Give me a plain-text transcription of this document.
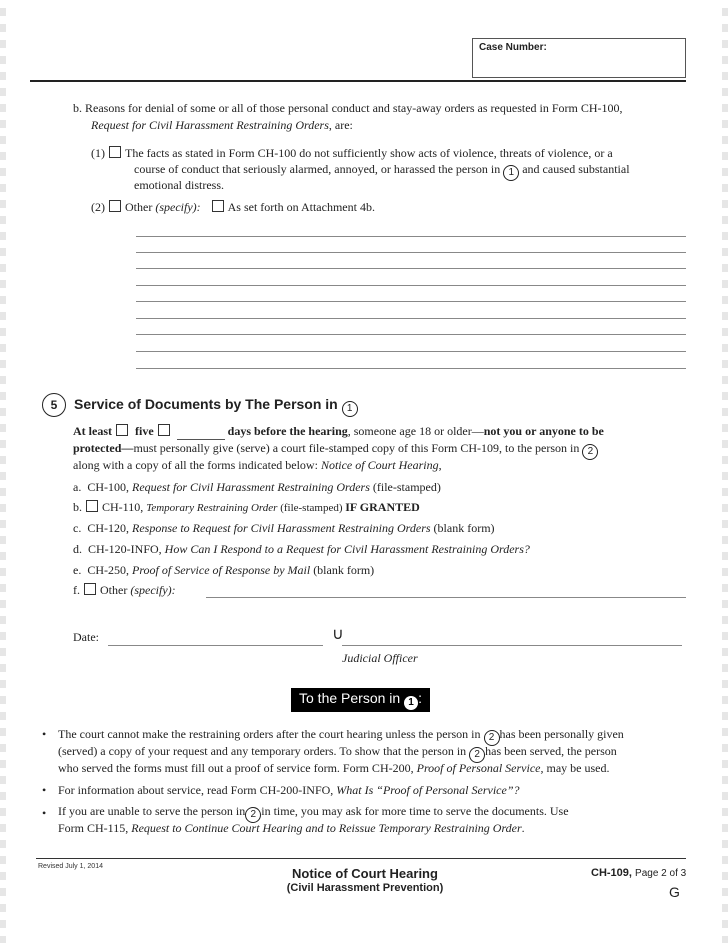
Case Number:
b. Reasons for denial of some or all of those personal conduct and stay-away orders as requested in Form CH-100,
Request for Civil Harassment Restraining Orders, are:
(1) The facts as stated in Form CH-100 do not sufficiently show acts of violence, threats of violence, or a
course of conduct that seriously alarmed, annoyed, or harassed the person in 1 and caused substantial
emotional distress.
(2) Other (specify): As set forth on Attachment 4b.
5	Service of Documents by The Person in 1
At least five	days before the hearing, someone age 18 or older—not you or anyone to be
protected—must personally give (serve) a court file-stamped copy of this Form CH-109, to the person in 2
along with a copy of all the forms indicated below: Notice of Court Hearing,
a. CH-100, Request for Civil Harassment Restraining Orders (file-stamped)
b. CH-110, Temporary Restraining Order (file-stamped) IF GRANTED
c. CH-120, Response to Request for Civil Harassment Restraining Orders (blank form)
d. CH-120-INFO, How Can I Respond to a Request for Civil Harassment Restraining Orders?
e. CH-250, Proof of Service of Response by Mail (blank form)
f. Other (specify):
Date:	∪
Judicial Officer
To the Person in 1 :
• The court cannot make the restraining orders after the court hearing unless the person in 2 has been personally given
(served) a copy of your request and any temporary orders. To show that the person in 2 has been served, the person
who served the forms must fill out a proof of service form. Form CH-200, Proof of Personal Service, may be used.
• For information about service, read Form CH-200-INFO, What Is “Proof of Personal Service”?
• If you are unable to serve the person in 2 in time, you may ask for more time to serve the documents. Use
Form CH-115, Request to Continue Court Hearing and to Reissue Temporary Restraining Order.
Revised July 1, 2014	Notice of Court Hearing
(Civil Harassment Prevention)
CH-109, Page 2 of 3
G
